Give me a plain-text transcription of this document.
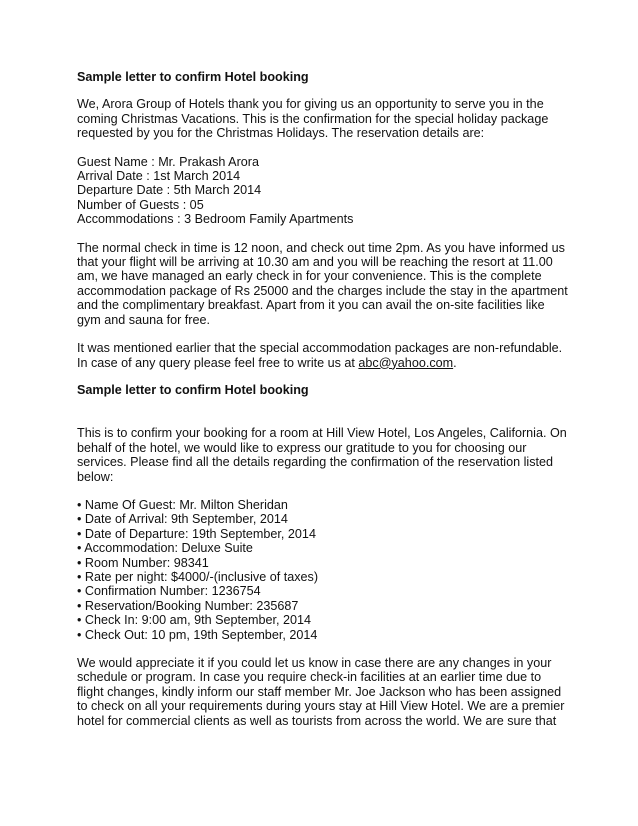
Sample letter to confirm Hotel booking

We, Arora Group of Hotels thank you for giving us an opportunity to serve you in the
coming Christmas Vacations. This is the confirmation for the special holiday package
requested by you for the Christmas Holidays. The reservation details are:

Guest Name : Mr. Prakash Arora
Arrival Date : 1st March 2014
Departure Date : 5th March 2014
Number of Guests : 05
Accommodations : 3 Bedroom Family Apartments

The normal check in time is 12 noon, and check out time 2pm. As you have informed us
that your flight will be arriving at 10.30 am and you will be reaching the resort at 11.00
am, we have managed an early check in for your convenience. This is the complete
accommodation package of Rs 25000 and the charges include the stay in the apartment
and the complimentary breakfast. Apart from it you can avail the on-site facilities like
gym and sauna for free.

It was mentioned earlier that the special accommodation packages are non-refundable.
In case of any query please feel free to write us at abc@yahoo.com.

Sample letter to confirm Hotel booking

This is to confirm your booking for a room at Hill View Hotel, Los Angeles, California. On
behalf of the hotel, we would like to express our gratitude to you for choosing our
services. Please find all the details regarding the confirmation of the reservation listed
below:

• Name Of Guest: Mr. Milton Sheridan
• Date of Arrival: 9th September, 2014
• Date of Departure: 19th September, 2014
• Accommodation: Deluxe Suite
• Room Number: 98341
• Rate per night: $4000/-(inclusive of taxes)
• Confirmation Number: 1236754
• Reservation/Booking Number: 235687
• Check In: 9:00 am, 9th September, 2014
• Check Out: 10 pm, 19th September, 2014

We would appreciate it if you could let us know in case there are any changes in your
schedule or program. In case you require check-in facilities at an earlier time due to
flight changes, kindly inform our staff member Mr. Joe Jackson who has been assigned
to check on all your requirements during yours stay at Hill View Hotel. We are a premier
hotel for commercial clients as well as tourists from across the world. We are sure that
